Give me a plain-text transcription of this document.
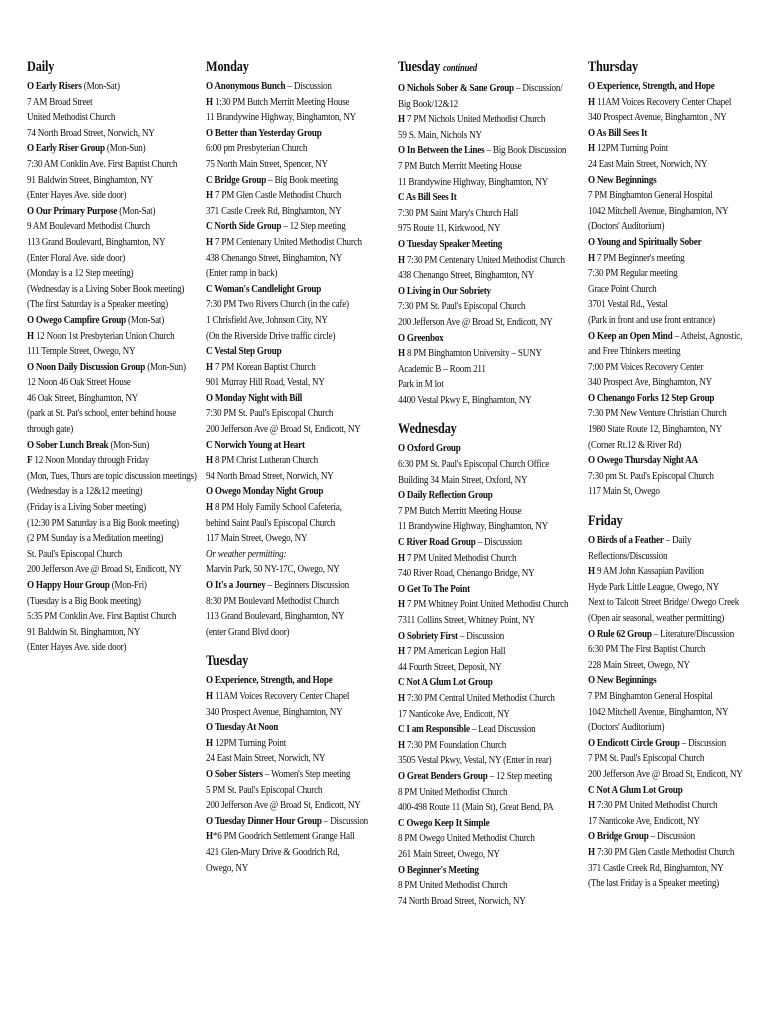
Daily
O Early Risers (Mon-Sat)
7 AM Broad Street
United Methodist Church
74 North Broad Street, Norwich, NY
O Early Riser Group (Mon-Sun)
7:30 AM Conklin Ave. First Baptist Church
91 Baldwin Street, Binghamton, NY
(Enter Hayes Ave. side door)
O Our Primary Purpose (Mon-Sat)
9 AM Boulevard Methodist Church
113 Grand Boulevard, Binghamton, NY
(Enter Floral Ave. side door)
(Monday is a 12 Step meeting)
(Wednesday is a Living Sober Book meeting)
(The first Saturday is a Speaker meeting)
O Owego Campfire Group (Mon-Sat)
H 12 Noon 1st Presbyterian Union Church
111 Temple Street, Owego, NY
O Noon Daily Discussion Group (Mon-Sun)
12 Noon 46 Oak Street House
46 Oak Street, Binghamton, NY
(park at St. Pat's school, enter behind house
through gate)
O Sober Lunch Break (Mon-Sun)
F 12 Noon Monday through Friday
(Mon, Tues, Thurs are topic discussion meetings)
(Wednesday is a 12&12 meeting)
(Friday is a Living Sober meeting)
(12:30 PM Saturday is a Big Book meeting)
(2 PM Sunday is a Meditation meeting)
St. Paul's Episcopal Church
200 Jefferson Ave @ Broad St, Endicott, NY
O Happy Hour Group (Mon-Fri)
(Tuesday is a Big Book meeting)
5:35 PM Conklin Ave. First Baptist Church
91 Baldwin St. Binghamton, NY
(Enter Hayes Ave. side door)
Monday
O Anonymous Bunch – Discussion
H 1:30 PM Butch Merritt Meeting House
11 Brandywine Highway, Binghamton, NY
O Better than Yesterday Group
6:00 pm Presbyterian Church
75 North Main Street, Spencer, NY
C Bridge Group – Big Book meeting
H 7 PM Glen Castle Methodist Church
371 Castle Creek Rd, Binghamton, NY
C North Side Group – 12 Step meeting
H 7 PM Centenary United Methodist Church
438 Chenango Street, Binghamton, NY
(Enter ramp in back)
C Woman's Candlelight Group
7:30 PM Two Rivers Church (in the cafe)
1 Chrisfield Ave, Johnson City, NY
(On the Riverside Drive traffic circle)
C Vestal Step Group
H 7 PM Korean Baptist Church
901 Murray Hill Road, Vestal, NY
O Monday Night with Bill
7:30 PM St. Paul's Episcopal Church
200 Jefferson Ave @ Broad St, Endicott, NY
C Norwich Young at Heart
H 8 PM Christ Lutheran Church
94 North Broad Street, Norwich, NY
O Owego Monday Night Group
H 8 PM Holy Family School Cafeteria,
behind Saint Paul's Episcopal Church
117 Main Street, Owego, NY
Or weather permitting:
Marvin Park, 50 NY-17C, Owego, NY
O It's a Journey – Beginners Discussion
8:30 PM Boulevard Methodist Church
113 Grand Boulevard, Binghamton, NY
(enter Grand Blvd door)
Tuesday
O Experience, Strength, and Hope
H 11AM Voices Recovery Center Chapel
340 Prospect Avenue, Binghamton, NY
O Tuesday At Noon
H 12PM Turning Point
24 East Main Street, Norwich, NY
O Sober Sisters – Women's Step meeting
5 PM St. Paul's Episcopal Church
200 Jefferson Ave @ Broad St, Endicott, NY
O Tuesday Dinner Hour Group – Discussion
H*6 PM Goodrich Settlement Grange Hall
421 Glen-Mary Drive & Goodrich Rd,
Owego, NY
Tuesday continued
O Nichols Sober & Sane Group – Discussion/
Big Book/12&12
H 7 PM Nichols United Methodist Church
59 S. Main, Nichols NY
O In Between the Lines – Big Book Discussion
7 PM Butch Merritt Meeting House
11 Brandywine Highway, Binghamton, NY
C As Bill Sees It
7:30 PM Saint Mary's Church Hall
975 Route 11, Kirkwood, NY
O Tuesday Speaker Meeting
H 7:30 PM Centenary United Methodist Church
438 Chenango Street, Binghamton, NY
O Living in Our Sobriety
7:30 PM St. Paul's Episcopal Church
200 Jefferson Ave @ Broad St, Endicott, NY
O Greenbox
H 8 PM Binghamton University – SUNY
Academic B – Room 211
Park in M lot
4400 Vestal Pkwy E, Binghamton, NY
Wednesday
O Oxford Group
6:30 PM St. Paul's Episcopal Church Office
Building 34 Main Street, Oxford, NY
O Daily Reflection Group
7 PM Butch Merritt Meeting House
11 Brandywine Highway, Binghamton, NY
C River Road Group – Discussion
H 7 PM United Methodist Church
740 River Road, Chenango Bridge, NY
O Get To The Point
H 7 PM Whitney Point United Methodist Church
7311 Collins Street, Whitney Point, NY
O Sobriety First – Discussion
H 7 PM American Legion Hall
44 Fourth Street, Deposit, NY
C Not A Glum Lot Group
H 7:30 PM Central United Methodist Church
17 Nanticoke Ave, Endicott, NY
C I am Responsible – Lead Discussion
H 7:30 PM Foundation Church
3505 Vestal Pkwy, Vestal, NY (Enter in rear)
O Great Benders Group – 12 Step meeting
8 PM United Methodist Church
400-498 Route 11 (Main St), Great Bend, PA
C Owego Keep It Simple
8 PM Owego United Methodist Church
261 Main Street, Owego, NY
O Beginner's Meeting
8 PM United Methodist Church
74 North Broad Street, Norwich, NY
Thursday
O Experience, Strength, and Hope
H 11AM Voices Recovery Center Chapel
340 Prospect Avenue, Binghamton , NY
O As Bill Sees It
H 12PM Turning Point
24 East Main Street, Norwich, NY
O New Beginnings
7 PM Binghamton General Hospital
1042 Mitchell Avenue, Binghamton, NY
(Doctors' Auditorium)
O Young and Spiritually Sober
H 7 PM Beginner's meeting
7:30 PM Regular meeting
Grace Point Church
3701 Vestal Rd., Vestal
(Park in front and use front entrance)
O Keep an Open Mind – Atheist, Agnostic,
and Free Thinkers meeting
7:00 PM Voices Recovery Center
340 Prospect Ave, Binghamton, NY
O Chenango Forks 12 Step Group
7:30 PM New Venture Christian Church
1980 State Route 12, Binghamton, NY
(Corner Rt.12 & River Rd)
O Owego Thursday Night AA
7:30 pm St. Paul's Episcopal Church
117 Main St, Owego
Friday
O Birds of a Feather – Daily
Reflections/Discussion
H 9 AM John Kassapian Pavilion
Hyde Park Little League, Owego, NY
Next to Talcott Street Bridge/ Owego Creek
(Open air seasonal, weather permitting)
O Rule 62 Group – Literature/Discussion
6:30 PM The First Baptist Church
228 Main Street, Owego, NY
O New Beginnings
7 PM Binghamton General Hospital
1042 Mitchell Avenue, Binghamton, NY
(Doctors' Auditorium)
O Endicott Circle Group – Discussion
7 PM St. Paul's Episcopal Church
200 Jefferson Ave @ Broad St, Endicott, NY
C Not A Glum Lot Group
H 7:30 PM United Methodist Church
17 Nanticoke Ave, Endicott, NY
O Bridge Group – Discussion
H 7:30 PM Glen Castle Methodist Church
371 Castle Creek Rd, Binghamton, NY
(The last Friday is a Speaker meeting)
